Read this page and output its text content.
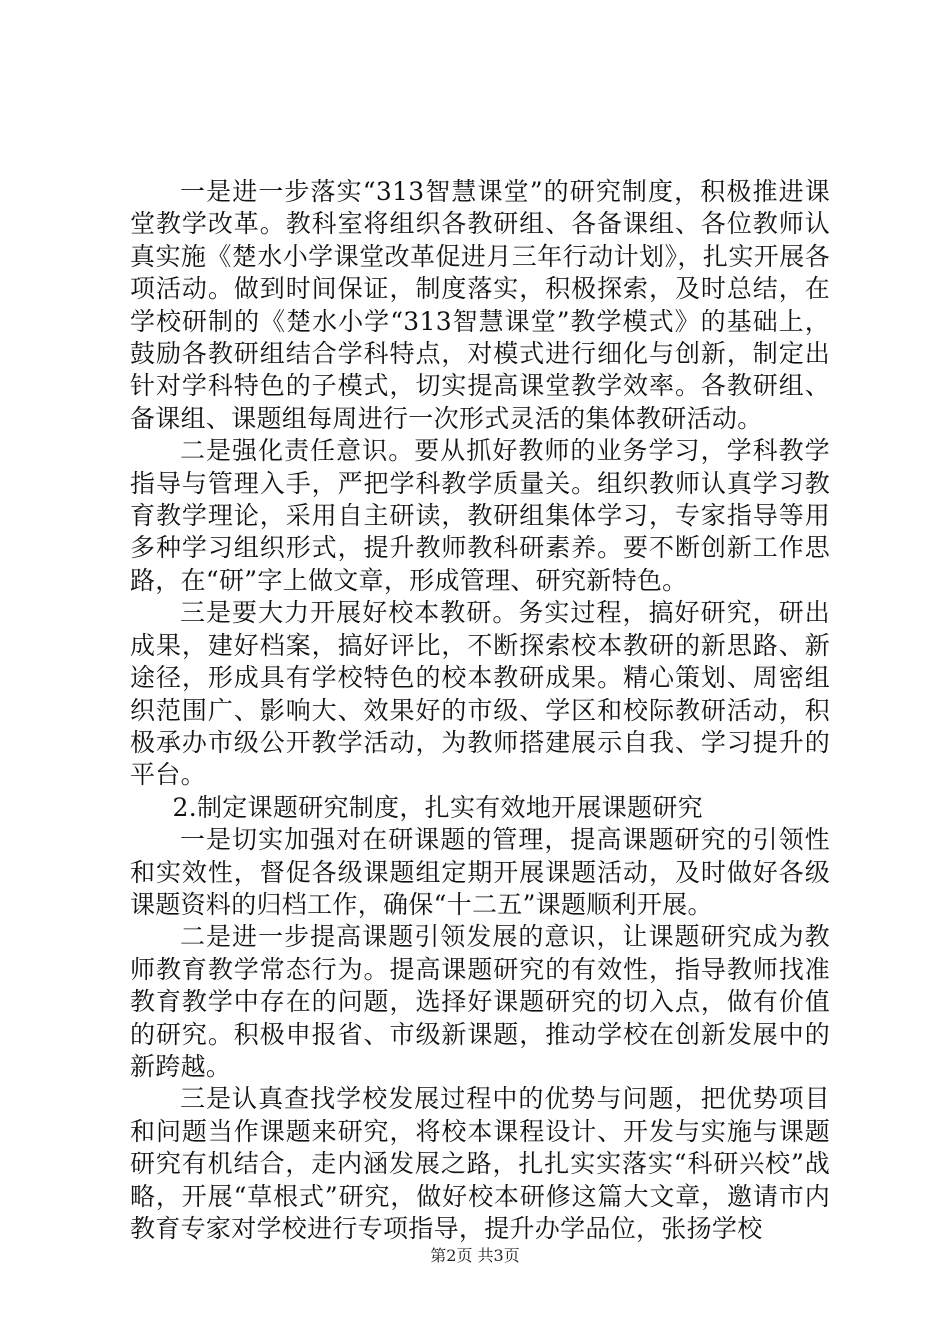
一是进一步落实“313智慧课堂”的研究制度，积极推进课堂教学改革。教科室将组织各教研组、各备课组、各位教师认真实施《楚水小学课堂改革促进月三年行动计划》，扎实开展各项活动。做到时间保证，制度落实，积极探索，及时总结，在学校研制的《楚水小学“313智慧课堂”教学模式》的基础上，鼓励各教研组结合学科特点，对模式进行细化与创新，制定出针对学科特色的子模式，切实提高课堂教学效率。各教研组、备课组、课题组每周进行一次形式灵活的集体教研活动。

二是强化责任意识。要从抓好教师的业务学习，学科教学指导与管理入手，严把学科教学质量关。组织教师认真学习教育教学理论，采用自主研读，教研组集体学习，专家指导等用多种学习组织形式，提升教师教科研素养。要不断创新工作思路，在“研”字上做文章，形成管理、研究新特色。

三是要大力开展好校本教研。务实过程，搞好研究，研出成果，建好档案，搞好评比，不断探索校本教研的新思路、新途径，形成具有学校特色的校本教研成果。精心策划、周密组织范围广、影响大、效果好的市级、学区和校际教研活动，积极承办市级公开教学活动，为教师搭建展示自我、学习提升的平台。

2.制定课题研究制度，扎实有效地开展课题研究

一是切实加强对在研课题的管理，提高课题研究的引领性和实效性，督促各级课题组定期开展课题活动，及时做好各级课题资料的归档工作，确保“十二五”课题顺利开展。

二是进一步提高课题引领发展的意识，让课题研究成为教师教育教学常态行为。提高课题研究的有效性，指导教师找准教育教学中存在的问题，选择好课题研究的切入点，做有价值的研究。积极申报省、市级新课题，推动学校在创新发展中的新跨越。

三是认真查找学校发展过程中的优势与问题，把优势项目和问题当作课题来研究，将校本课程设计、开发与实施与课题研究有机结合，走内涵发展之路，扎扎实实落实“科研兴校”战略，开展“草根式”研究，做好校本研修这篇大文章，邀请市内教育专家对学校进行专项指导，提升办学品位，张扬学校

第2页 共3页
